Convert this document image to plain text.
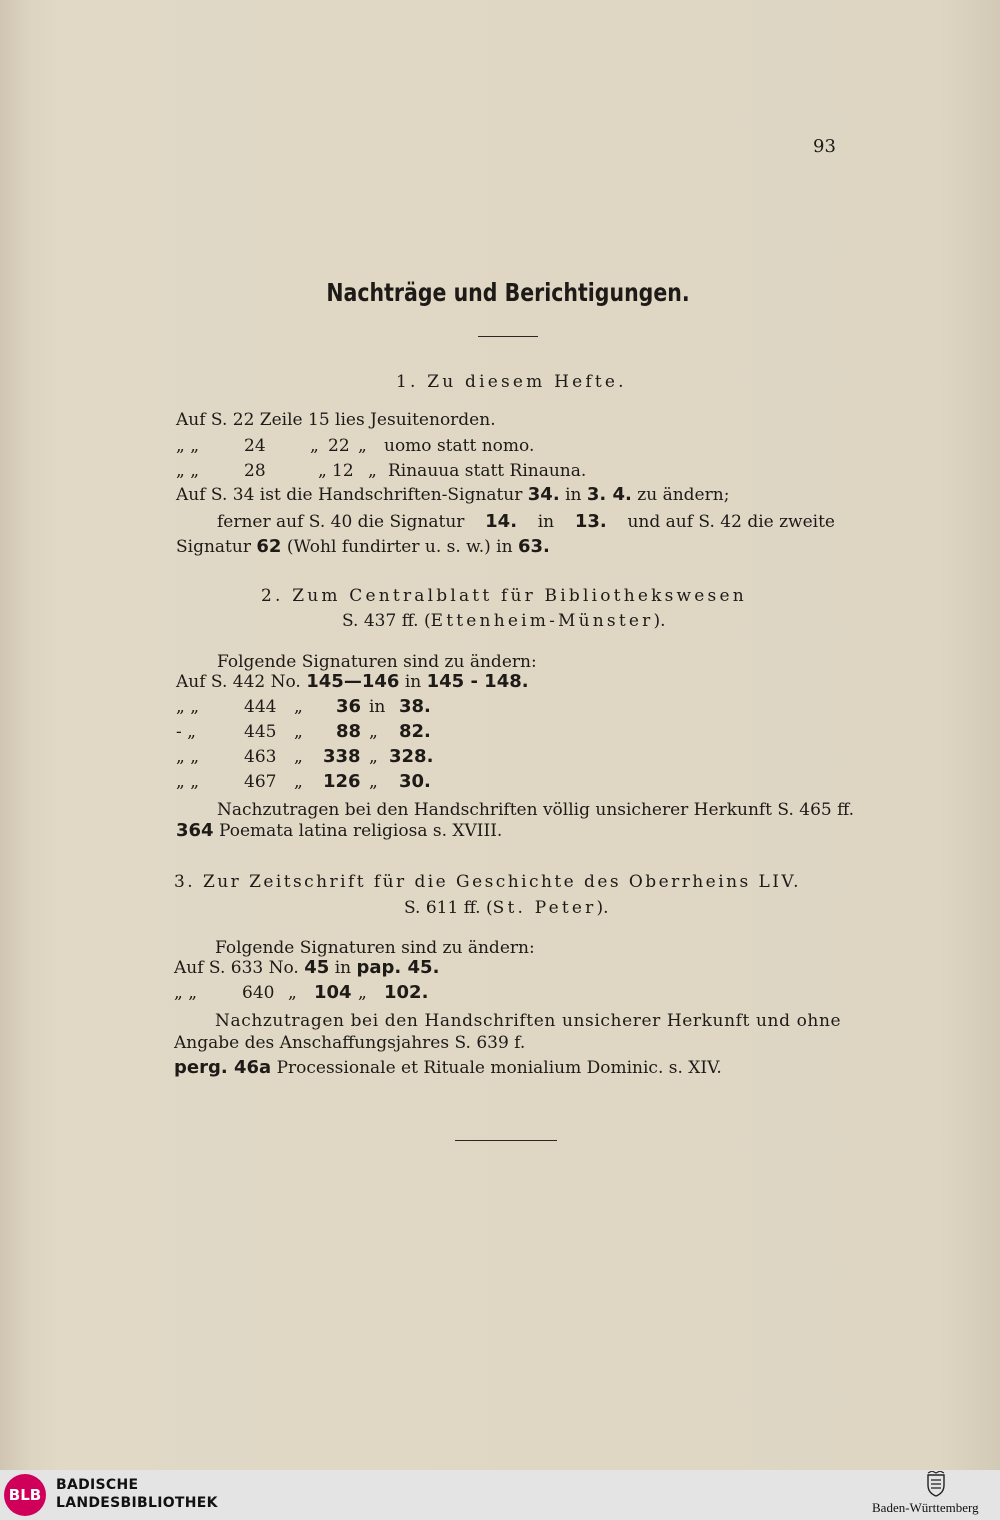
93
Nachträge und Berichtigungen.
1. Zu diesem Hefte.
Auf S. 22 Zeile 15 lies Jesuitenorden.
„ „	24	„ 22 „ uomo statt nomo.
„ „	28	„ 12 „ Rinauua statt Rinauna.
Auf S. 34 ist die Handschriften-Signatur 34. in 3. 4. zu ändern;
ferner auf S. 40 die Signatur 14. in 13. und auf S. 42 die zweite
Signatur 62 (Wohl fundirter u. s. w.) in 63.
2. Zum Centralblatt für Bibliothekswesen
S. 437 ff. (Ettenheim-Münster).
Folgende Signaturen sind zu ändern:
Auf S. 442 No. 145—146 in 145 - 148.
„ „	444 „ 36 in 38.
- „	445 „ 88 „ 82.
„ „	463 „ 338 „ 328.
„ „	467 „ 126 „ 30.
Nachzutragen bei den Handschriften völlig unsicherer Herkunft S. 465 ff.
364 Poemata latina religiosa s. XVIII.
3. Zur Zeitschrift für die Geschichte des Oberrheins LIV.
S. 611 ff. (St. Peter).
Folgende Signaturen sind zu ändern:
Auf S. 633 No. 45 in pap. 45.
„ „	640 „ 104 „ 102.
Nachzutragen bei den Handschriften unsicherer Herkunft und ohne
Angabe des Anschaffungsjahres S. 639 f.
perg. 46a Processionale et Rituale monialium Dominic. s. XIV.
BLB
BADISCHE
LANDESBIBLIOTHEK	Baden-Württemberg
